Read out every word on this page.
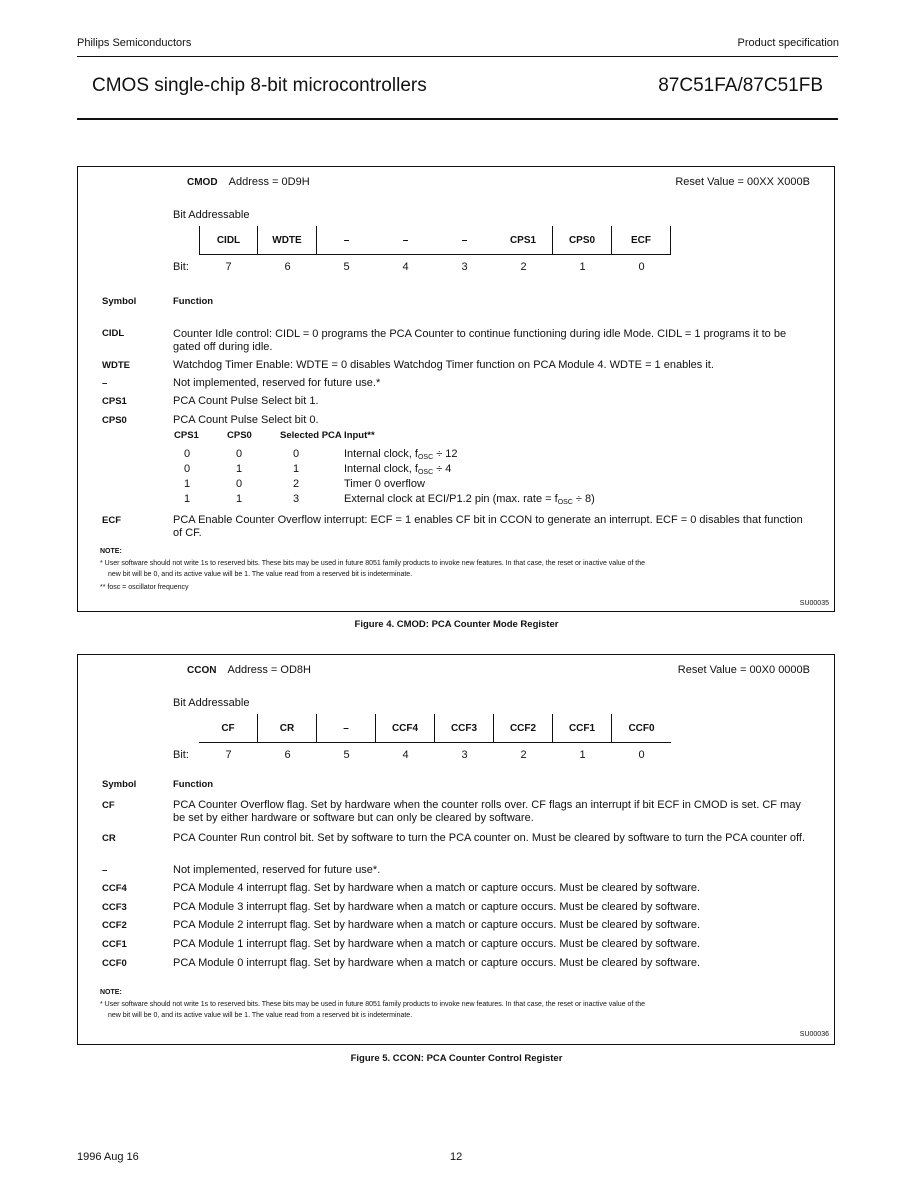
Philips Semiconductors	Product specification
CMOS single-chip 8-bit microcontrollers	87C51FA/87C51FB
CMOD Address = 0D9H	Reset Value = 00XX X000B
Bit Addressable
CIDL	WDTE	–	–	–	CPS1	CPS0	ECF
Bit:	7	6	5	4	3	2	1	0
Symbol	Function
CIDL	Counter Idle control: CIDL = 0 programs the PCA Counter to continue functioning during idle Mode. CIDL = 1 programs it to be gated off during idle.
WDTE	Watchdog Timer Enable: WDTE = 0 disables Watchdog Timer function on PCA Module 4. WDTE = 1 enables it.
–	Not implemented, reserved for future use.*
CPS1	PCA Count Pulse Select bit 1.
CPS0	PCA Count Pulse Select bit 0.
CPS1	CPS0	Selected PCA Input**
0	0	0	Internal clock, $f_{OSC} \div 12$
0	1	1	Internal clock, $f_{OSC} \div 4$
1	0	2	Timer 0 overflow
1	1	3	External clock at ECI/P1.2 pin (max. rate = $f_{OSC} \div 8$)
ECF	PCA Enable Counter Overflow interrupt: ECF = 1 enables CF bit in CCON to generate an interrupt. ECF = 0 disables that function of CF.
NOTE:
* User software should not write 1s to reserved bits. These bits may be used in future 8051 family products to invoke new features. In that case, the reset or inactive value of the
new bit will be 0, and its active value will be 1. The value read from a reserved bit is indeterminate.
** fosc = oscillator frequency
SU00035
Figure 4. CMOD: PCA Counter Mode Register
CCON Address = OD8H	Reset Value = 00X0 0000B
Bit Addressable
CF	CR	–	CCF4	CCF3	CCF2	CCF1	CCF0
Bit:	7	6	5	4	3	2	1	0
Symbol	Function
CF	PCA Counter Overflow flag. Set by hardware when the counter rolls over. CF flags an interrupt if bit ECF in CMOD is set. CF may be set by either hardware or software but can only be cleared by software.
CR	PCA Counter Run control bit. Set by software to turn the PCA counter on. Must be cleared by software to turn the PCA counter off.
–	Not implemented, reserved for future use*.
CCF4	PCA Module 4 interrupt flag. Set by hardware when a match or capture occurs. Must be cleared by software.
CCF3	PCA Module 3 interrupt flag. Set by hardware when a match or capture occurs. Must be cleared by software.
CCF2	PCA Module 2 interrupt flag. Set by hardware when a match or capture occurs. Must be cleared by software.
CCF1	PCA Module 1 interrupt flag. Set by hardware when a match or capture occurs. Must be cleared by software.
CCF0	PCA Module 0 interrupt flag. Set by hardware when a match or capture occurs. Must be cleared by software.
NOTE:
* User software should not write 1s to reserved bits. These bits may be used in future 8051 family products to invoke new features. In that case, the reset or inactive value of the
new bit will be 0, and its active value will be 1. The value read from a reserved bit is indeterminate.
SU00036
Figure 5. CCON: PCA Counter Control Register
1996 Aug 16	12
